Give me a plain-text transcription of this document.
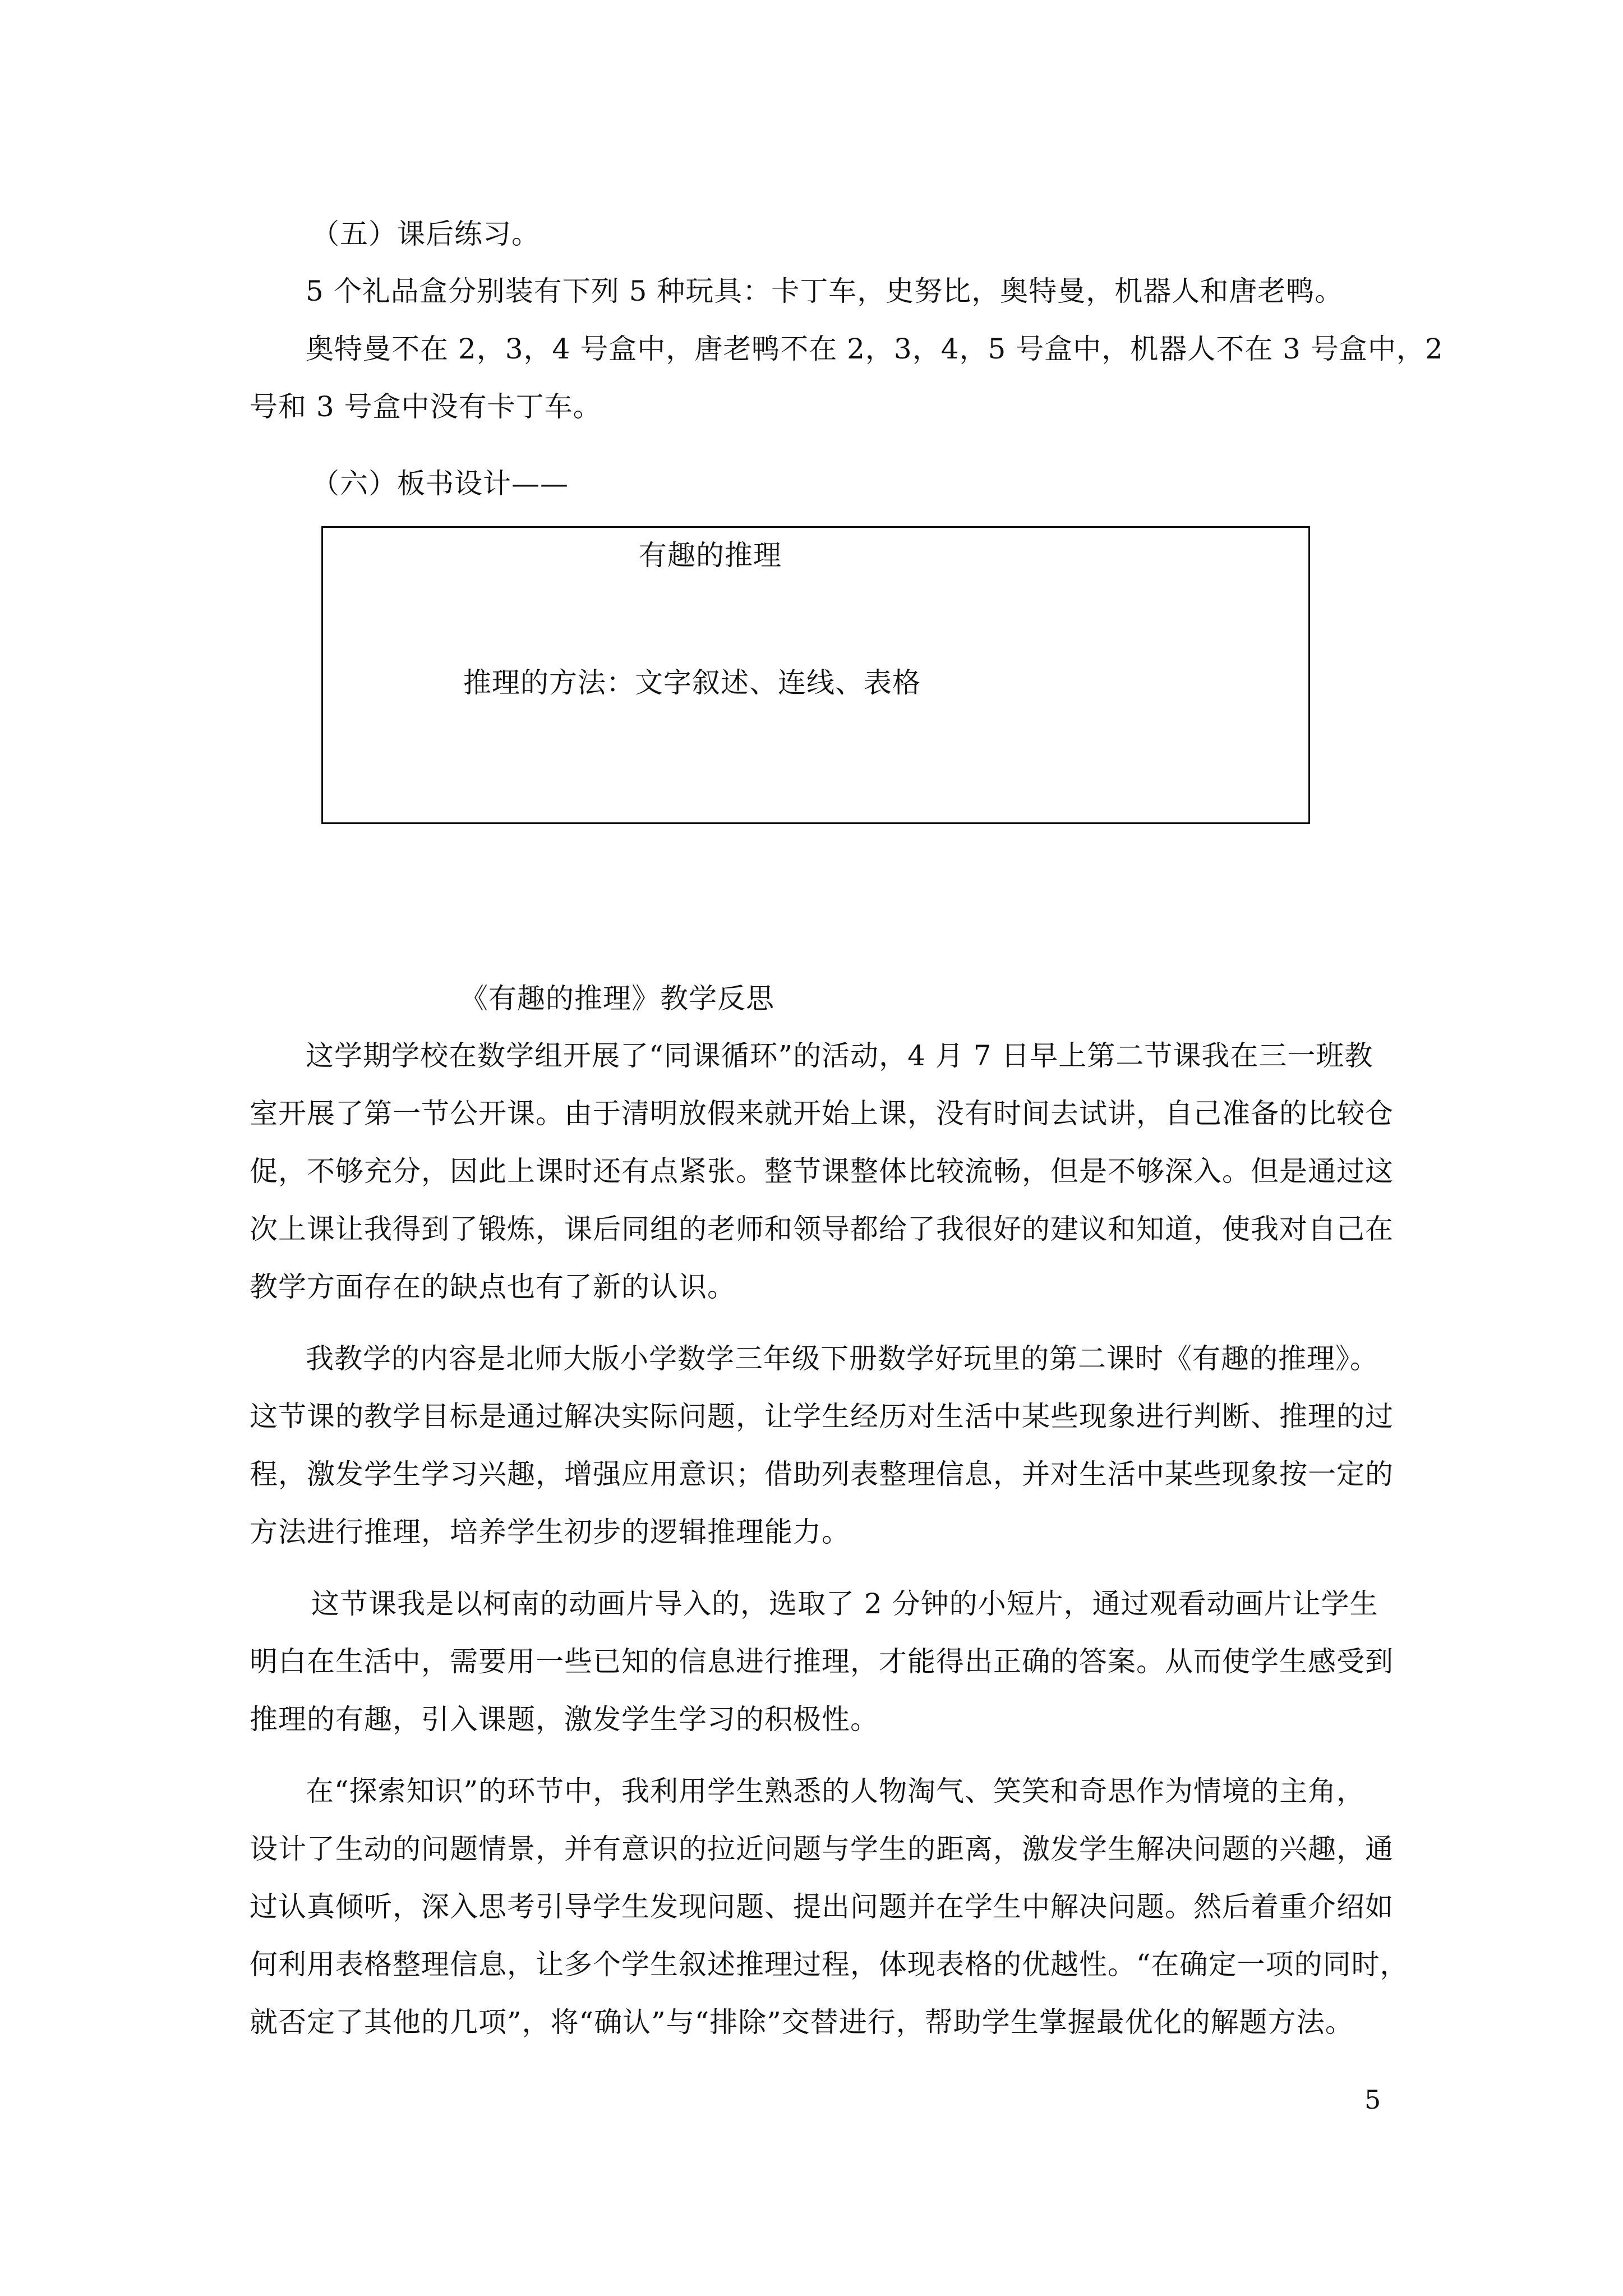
（五）课后练习。
5 个礼品盒分别装有下列 5 种玩具：卡丁车，史努比，奥特曼，机器人和唐老鸭。
奥特曼不在 2，3，4 号盒中，唐老鸭不在 2，3，4，5 号盒中，机器人不在 3 号盒中，2
号和 3 号盒中没有卡丁车。
（六）板书设计——
有趣的推理
推理的方法：文字叙述、连线、表格
《有趣的推理》教学反思
这学期学校在数学组开展了“同课循环”的活动，4 月 7 日早上第二节课我在三一班教
室开展了第一节公开课。由于清明放假来就开始上课，没有时间去试讲，自己准备的比较仓
促，不够充分，因此上课时还有点紧张。整节课整体比较流畅，但是不够深入。但是通过这
次上课让我得到了锻炼，课后同组的老师和领导都给了我很好的建议和知道，使我对自己在
教学方面存在的缺点也有了新的认识。
我教学的内容是北师大版小学数学三年级下册数学好玩里的第二课时《有趣的推理》。
这节课的教学目标是通过解决实际问题，让学生经历对生活中某些现象进行判断、推理的过
程，激发学生学习兴趣，增强应用意识；借助列表整理信息，并对生活中某些现象按一定的
方法进行推理，培养学生初步的逻辑推理能力。
这节课我是以柯南的动画片导入的，选取了 2 分钟的小短片，通过观看动画片让学生
明白在生活中，需要用一些已知的信息进行推理，才能得出正确的答案。从而使学生感受到
推理的有趣，引入课题，激发学生学习的积极性。
在“探索知识”的环节中，我利用学生熟悉的人物淘气、笑笑和奇思作为情境的主角，
设计了生动的问题情景，并有意识的拉近问题与学生的距离，激发学生解决问题的兴趣，通
过认真倾听，深入思考引导学生发现问题、提出问题并在学生中解决问题。然后着重介绍如
何利用表格整理信息，让多个学生叙述推理过程，体现表格的优越性。“在确定一项的同时，
就否定了其他的几项”，将“确认”与“排除”交替进行，帮助学生掌握最优化的解题方法。
5
